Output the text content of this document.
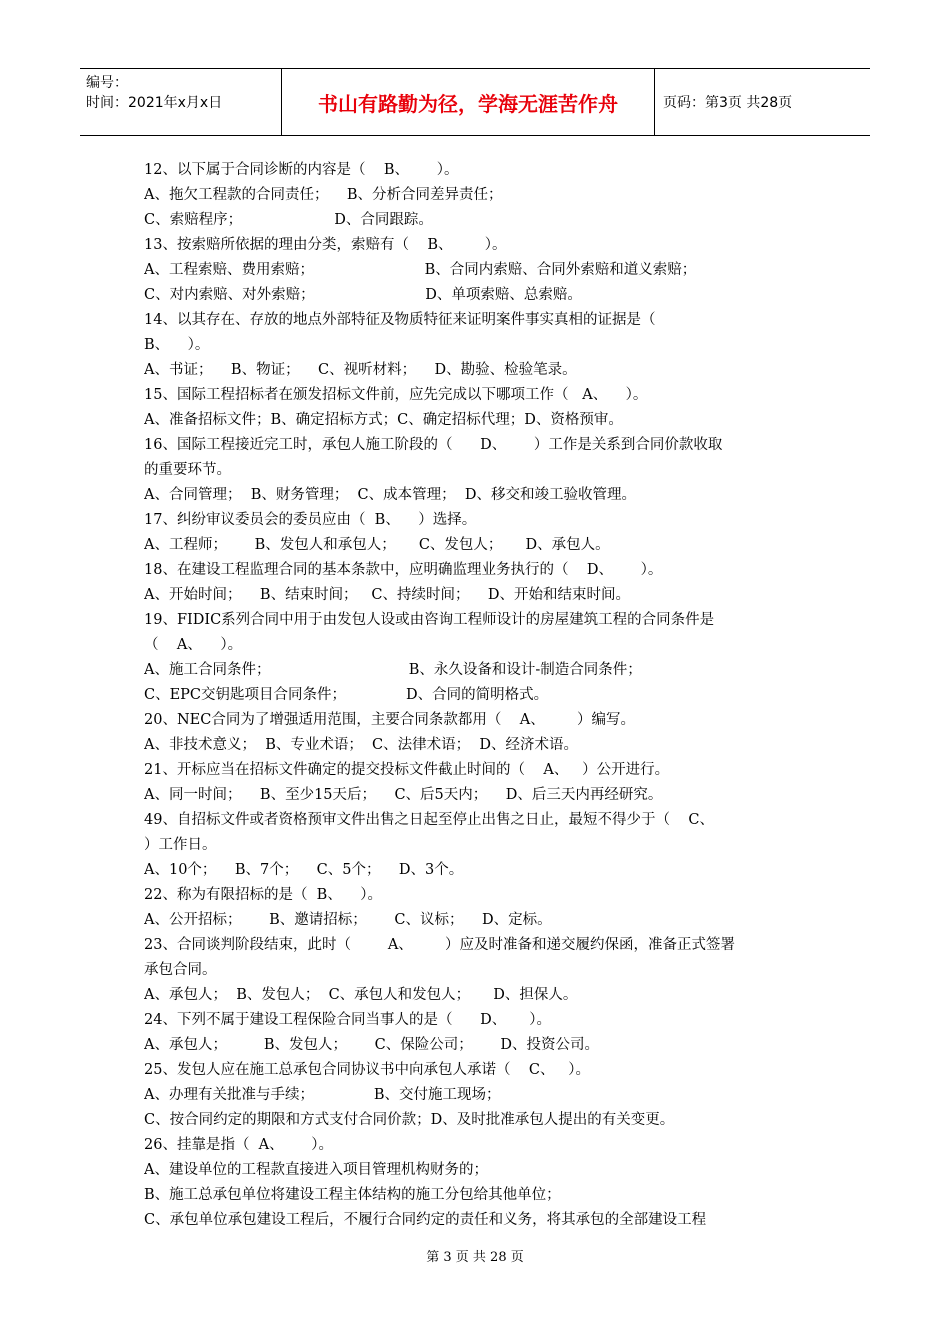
编号：
时间：2021年x月x日	书山有路勤为径，学海无涯苦作舟	页码：第3页 共28页
12、以下属于合同诊断的内容是（    B、      ）。
A、拖欠工程款的合同责任；    B、分析合同差异责任；
C、索赔程序；                    D、合同跟踪。
13、按索赔所依据的理由分类，索赔有（    B、       ）。
A、工程索赔、费用索赔；                        B、合同内索赔、合同外索赔和道义索赔；
C、对内索赔、对外索赔；                        D、单项索赔、总索赔。
14、以其存在、存放的地点外部特征及物质特征来证明案件事实真相的证据是（
B、    ）。
A、书证；    B、物证；    C、视听材料；    D、勘验、检验笔录。
15、国际工程招标者在颁发招标文件前，应先完成以下哪项工作（   A、    ）。
A、准备招标文件；B、确定招标方式；C、确定招标代理；D、资格预审。
16、国际工程接近完工时，承包人施工阶段的（      D、      ）工作是关系到合同价款收取
的重要环节。
A、合同管理；  B、财务管理；  C、成本管理；  D、移交和竣工验收管理。
17、纠纷审议委员会的委员应由（  B、    ）选择。
A、工程师；      B、发包人和承包人；     C、发包人；     D、承包人。
18、在建设工程监理合同的基本条款中，应明确监理业务执行的（    D、      ）。
A、开始时间；    B、结束时间；   C、持续时间；    D、开始和结束时间。
19、FIDIC系列合同中用于由发包人设或由咨询工程师设计的房屋建筑工程的合同条件是
（    A、    ）。
A、施工合同条件；                              B、永久设备和设计-制造合同条件；
C、EPC交钥匙项目合同条件；             D、合同的简明格式。
20、NEC合同为了增强适用范围，主要合同条款都用（    A、       ）编写。
A、非技术意义；  B、专业术语；  C、法律术语；  D、经济术语。
21、开标应当在招标文件确定的提交投标文件截止时间的（    A、   ）公开进行。
A、同一时间；    B、至少15天后；    C、后5天内；    D、后三天内再经研究。
49、自招标文件或者资格预审文件出售之日起至停止出售之日止，最短不得少于（    C、
）工作日。
A、10个；    B、7个；    C、5个；    D、3个。
22、称为有限招标的是（  B、    ）。
A、公开招标；      B、邀请招标；      C、议标；    D、定标。
23、合同谈判阶段结束，此时（        A、       ）应及时准备和递交履约保函，准备正式签署
承包合同。
A、承包人；  B、发包人；  C、承包人和发包人；     D、担保人。
24、下列不属于建设工程保险合同当事人的是（      D、     ）。
A、承包人；        B、发包人；      C、保险公司；      D、投资公司。
25、发包人应在施工总承包合同协议书中向承包人承诺（    C、   ）。
A、办理有关批准与手续；             B、交付施工现场；
C、按合同约定的期限和方式支付合同价款；D、及时批准承包人提出的有关变更。
26、挂靠是指（  A、      ）。
A、建设单位的工程款直接进入项目管理机构财务的；
B、施工总承包单位将建设工程主体结构的施工分包给其他单位；
C、承包单位承包建设工程后，不履行合同约定的责任和义务，将其承包的全部建设工程
第 3 页 共 28 页
